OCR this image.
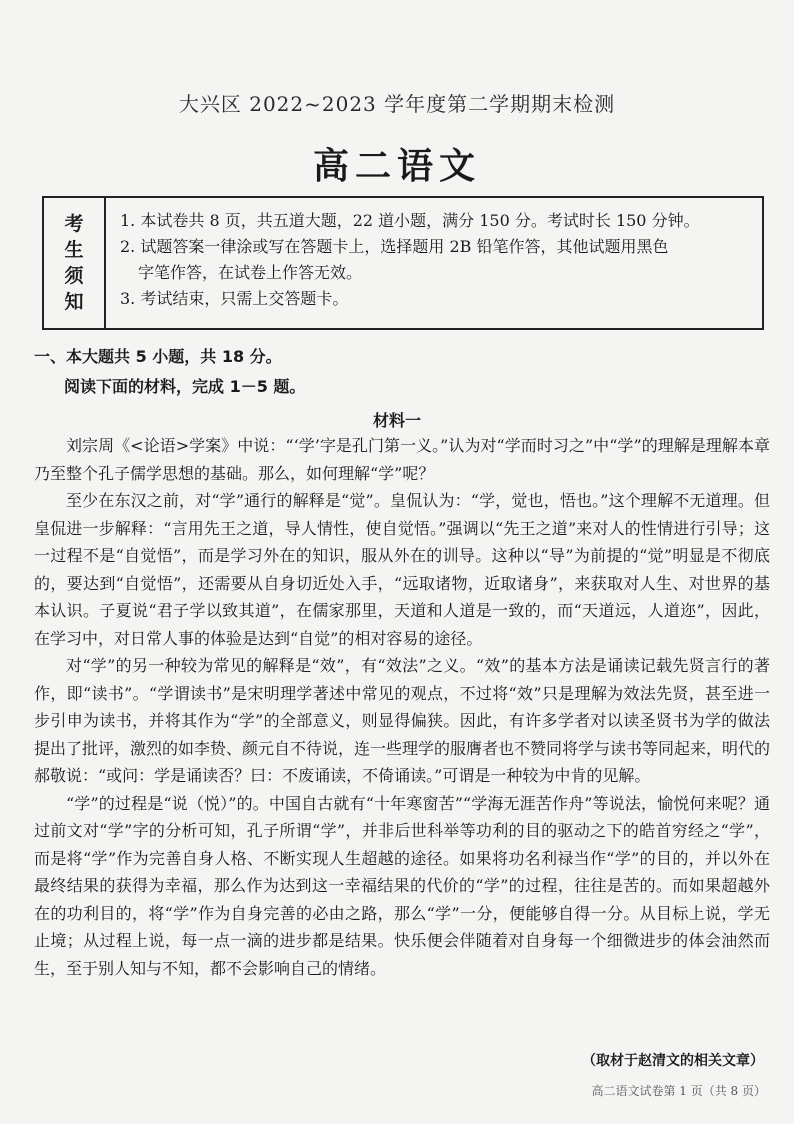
大兴区 2022~2023 学年度第二学期期末检测
高二语文
考
生
须
知
1. 本试卷共 8 页，共五道大题，22 道小题，满分 150 分。考试时长 150 分钟。
2. 试题答案一律涂或写在答题卡上，选择题用 2B 铅笔作答，其他试题用黑色
字笔作答，在试卷上作答无效。
3. 考试结束，只需上交答题卡。
一、本大题共 5 小题，共 18 分。
阅读下面的材料，完成 1－5 题。
材料一

刘宗周《<论语>学案》中说：“‘学’字是孔门第一义。”认为对“学而时习之”中“学”的理解是理解本章乃至整个孔子儒学思想的基础。那么，如何理解“学”呢？

至少在东汉之前，对“学”通行的解释是“觉”。皇侃认为：“学，觉也，悟也。”这个理解不无道理。但皇侃进一步解释：“言用先王之道，导人情性，使自觉悟。”强调以“先王之道”来对人的性情进行引导；这一过程不是“自觉悟”，而是学习外在的知识，服从外在的训导。这种以“导”为前提的“觉”明显是不彻底的，要达到“自觉悟”，还需要从自身切近处入手，“远取诸物，近取诸身”，来获取对人生、对世界的基本认识。子夏说“君子学以致其道”，在儒家那里，天道和人道是一致的，而“天道远，人道迩”，因此，在学习中，对日常人事的体验是达到“自觉”的相对容易的途径。

对“学”的另一种较为常见的解释是“效”，有“效法”之义。“效”的基本方法是诵读记载先贤言行的著作，即“读书”。“学谓读书”是宋明理学著述中常见的观点，不过将“效”只是理解为效法先贤，甚至进一步引申为读书，并将其作为“学”的全部意义，则显得偏狭。因此，有许多学者对以读圣贤书为学的做法提出了批评，激烈的如李贽、颜元自不待说，连一些理学的服膺者也不赞同将学与读书等同起来，明代的郝敬说：“或问：学是诵读否？曰：不废诵读，不倚诵读。”可谓是一种较为中肯的见解。

“学”的过程是“说（悦）”的。中国自古就有“十年寒窗苦”“学海无涯苦作舟”等说法，愉悦何来呢？通过前文对“学”字的分析可知，孔子所谓“学”，并非后世科举等功利的目的驱动之下的皓首穷经之“学”，而是将“学”作为完善自身人格、不断实现人生超越的途径。如果将功名利禄当作“学”的目的，并以外在最终结果的获得为幸福，那么作为达到这一幸福结果的代价的“学”的过程，往往是苦的。而如果超越外在的功利目的，将“学”作为自身完善的必由之路，那么“学”一分，便能够自得一分。从目标上说，学无止境；从过程上说，每一点一滴的进步都是结果。快乐便会伴随着对自身每一个细微进步的体会油然而生，至于别人知与不知，都不会影响自己的情绪。

（取材于赵清文的相关文章）
高二语文试卷第 1 页（共 8 页）
